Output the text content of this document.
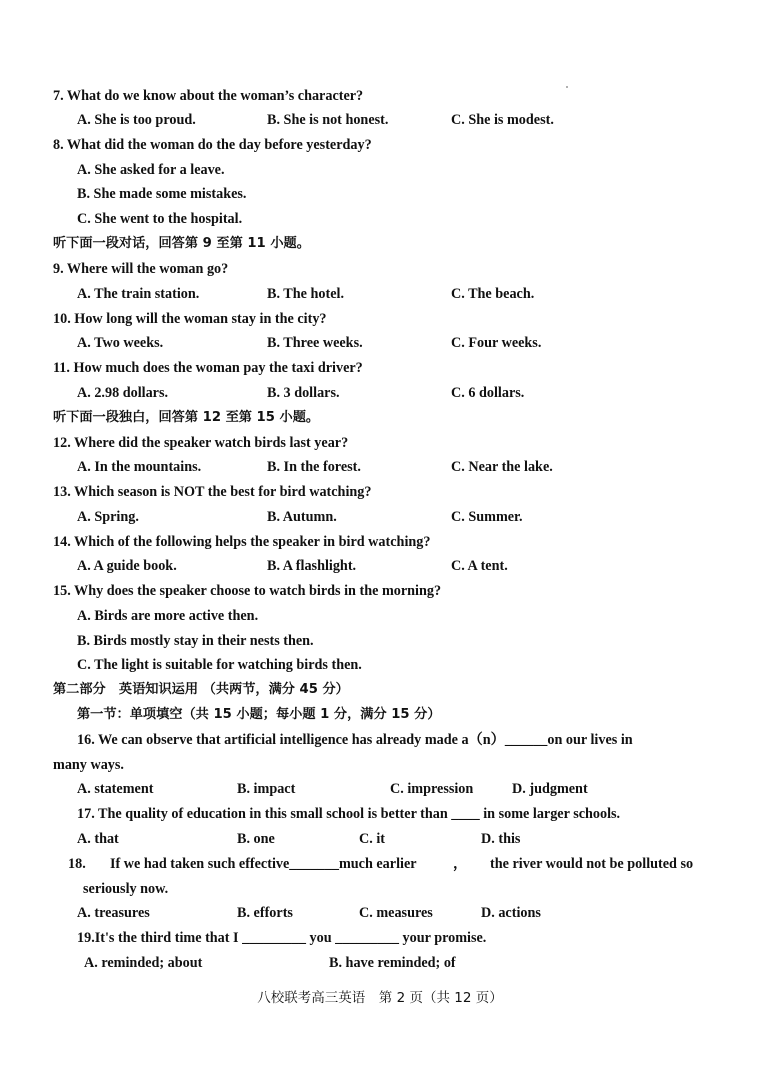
7. What do we know about the woman’s character?
A. She is too proud.	B. She is not honest.	C. She is modest.
8. What did the woman do the day before yesterday?
A. She asked for a leave.
B. She made some mistakes.
C. She went to the hospital.
听下面一段对话，回答第 9 至第 11 小题。
9. Where will the woman go?
A. The train station.	B. The hotel.	C. The beach.
10. How long will the woman stay in the city?
A. Two weeks.	B. Three weeks.	C. Four weeks.
11. How much does the woman pay the taxi driver?
A. 2.98 dollars.	B. 3 dollars.	C. 6 dollars.
听下面一段独白，回答第 12 至第 15 小题。
12. Where did the speaker watch birds last year?
A. In the mountains.	B. In the forest.	C. Near the lake.
13. Which season is NOT the best for bird watching?
A. Spring.	B. Autumn.	C. Summer.
14. Which of the following helps the speaker in bird watching?
A. A guide book.	B. A flashlight.	C. A tent.
15. Why does the speaker choose to watch birds in the morning?
A. Birds are more active then.
B. Birds mostly stay in their nests then.
C. The light is suitable for watching birds then.
第二部分　英语知识运用 （共两节，满分 45 分）
第一节：单项填空（共 15 小题；每小题 1 分，满分 15 分）
16. We can observe that artificial intelligence has already made a（n）______on our lives in
many ways.
A. statement	B. impact	C. impression	D. judgment
17. The quality of education in this small school is better than ____ in some larger schools.
A. that	B. one	C. it	D. this
18. If we had taken such effective_______much earlier	， the river would not be polluted so
seriously now.
A. treasures	B. efforts	C. measures	D. actions
19.It's the third time that I _________ you _________ your promise.
A. reminded; about	B. have reminded; of
八校联考高三英语　第 2 页（共 12 页）
